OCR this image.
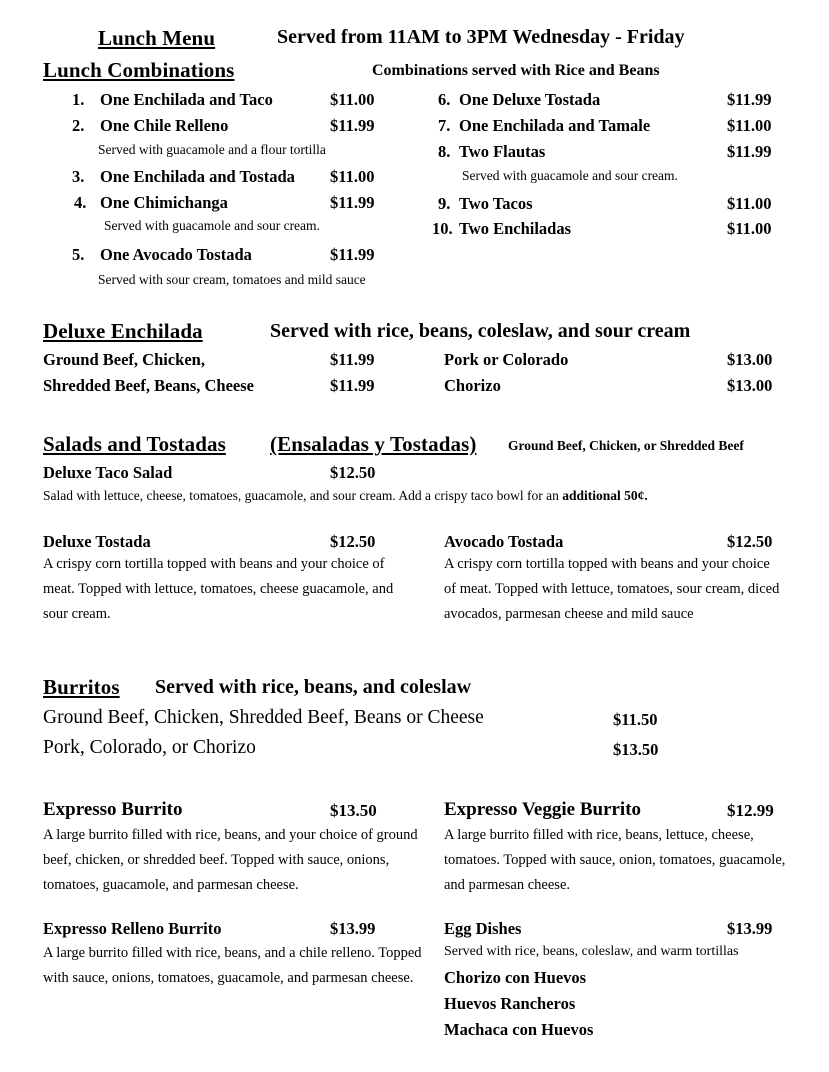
Lunch Menu	Served from 11AM to 3PM Wednesday - Friday
Lunch Combinations	Combinations served with Rice and Beans
1. One Enchilada and Taco	$11.00
2. One Chile Relleno	$11.99
Served with guacamole and a flour tortilla
3. One Enchilada and Tostada $11.00
4. One Chimichanga	$11.99
Served with guacamole and sour cream.
5. One Avocado Tostada	$11.99
Served with sour cream, tomatoes and mild sauce
6. One Deluxe Tostada	$11.99
7. One Enchilada and Tamale	$11.00
8. Two Flautas	$11.99
Served with guacamole and sour cream.
9. Two Tacos	$11.00
10. Two Enchiladas	$11.00
Deluxe Enchilada	Served with rice, beans, coleslaw, and sour cream
Ground Beef, Chicken,	$11.99
Shredded Beef, Beans, Cheese	$11.99
Pork or Colorado	$13.00
Chorizo	$13.00
Salads and Tostadas (Ensaladas y Tostadas) Ground Beef, Chicken, or Shredded Beef
Deluxe Taco Salad	$12.50
Salad with lettuce, cheese, tomatoes, guacamole, and sour cream. Add a crispy taco bowl for an additional 50¢.
Deluxe Tostada	$12.50
A crispy corn tortilla topped with beans and your choice of meat. Topped with lettuce, tomatoes, cheese guacamole, and sour cream.
Avocado Tostada	$12.50
A crispy corn tortilla topped with beans and your choice of meat. Topped with lettuce, tomatoes, sour cream, diced avocados, parmesan cheese and mild sauce
Burritos Served with rice, beans, and coleslaw
Ground Beef, Chicken, Shredded Beef, Beans or Cheese	$11.50
Pork, Colorado, or Chorizo	$13.50
Expresso Burrito	$13.50
A large burrito filled with rice, beans, and your choice of ground beef, chicken, or shredded beef. Topped with sauce, onions, tomatoes, guacamole, and parmesan cheese.
Expresso Veggie Burrito	$12.99
A large burrito filled with rice, beans, lettuce, cheese, tomatoes. Topped with sauce, onion, tomatoes, guacamole, and parmesan cheese.
Expresso Relleno Burrito	$13.99
A large burrito filled with rice, beans, and a chile relleno. Topped with sauce, onions, tomatoes, guacamole, and parmesan cheese.
Egg Dishes	$13.99
Served with rice, beans, coleslaw, and warm tortillas
Chorizo con Huevos
Huevos Rancheros
Machaca con Huevos
